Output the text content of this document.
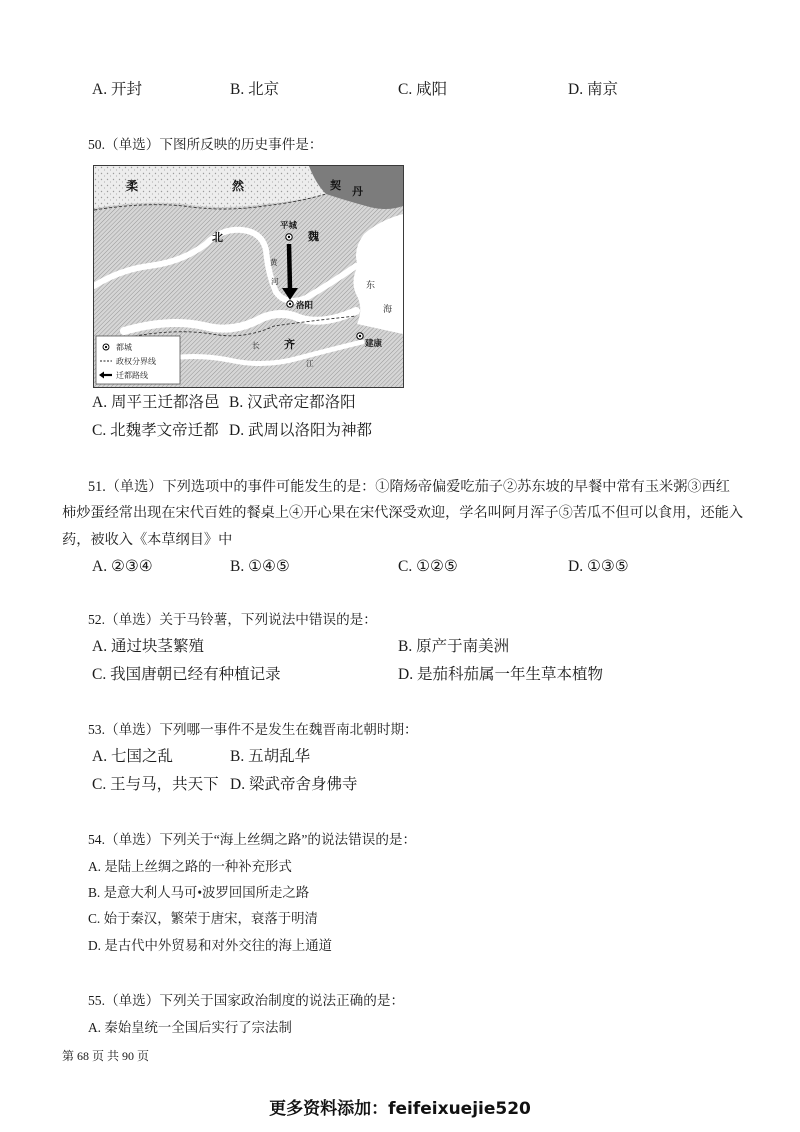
A. 开封	B. 北京	C. 咸阳	D. 南京
50.（单选）下图所反映的历史事件是：
柔	然	契 丹
北	魏
平城
洛阳
齐	建康
东
海
黄
河
长
江
都城
政权分界线
迁都路线
A. 周平王迁都洛邑 B. 汉武帝定都洛阳
C. 北魏孝文帝迁都 D. 武周以洛阳为神都
51.（单选）下列选项中的事件可能发生的是：①隋炀帝偏爱吃茄子②苏东坡的早餐中常有玉米粥③西红
柿炒蛋经常出现在宋代百姓的餐桌上④开心果在宋代深受欢迎，学名叫阿月浑子⑤苦瓜不但可以食用，还能入
药，被收入《本草纲目》中
A. ②③④	B. ①④⑤	C. ①②⑤	D. ①③⑤
52.（单选）关于马铃薯，下列说法中错误的是：
A. 通过块茎繁殖	B. 原产于南美洲
C. 我国唐朝已经有种植记录	D. 是茄科茄属一年生草本植物
53.（单选）下列哪一事件不是发生在魏晋南北朝时期：
A. 七国之乱	B. 五胡乱华
C. 王与马，共天下 D. 梁武帝舍身佛寺
54.（单选）下列关于“海上丝绸之路”的说法错误的是：
A. 是陆上丝绸之路的一种补充形式
B. 是意大利人马可•波罗回国所走之路
C. 始于秦汉，繁荣于唐宋，衰落于明清
D. 是古代中外贸易和对外交往的海上通道
55.（单选）下列关于国家政治制度的说法正确的是：
A. 秦始皇统一全国后实行了宗法制
第 68 页 共 90 页
更多资料添加：feifeixuejie520
